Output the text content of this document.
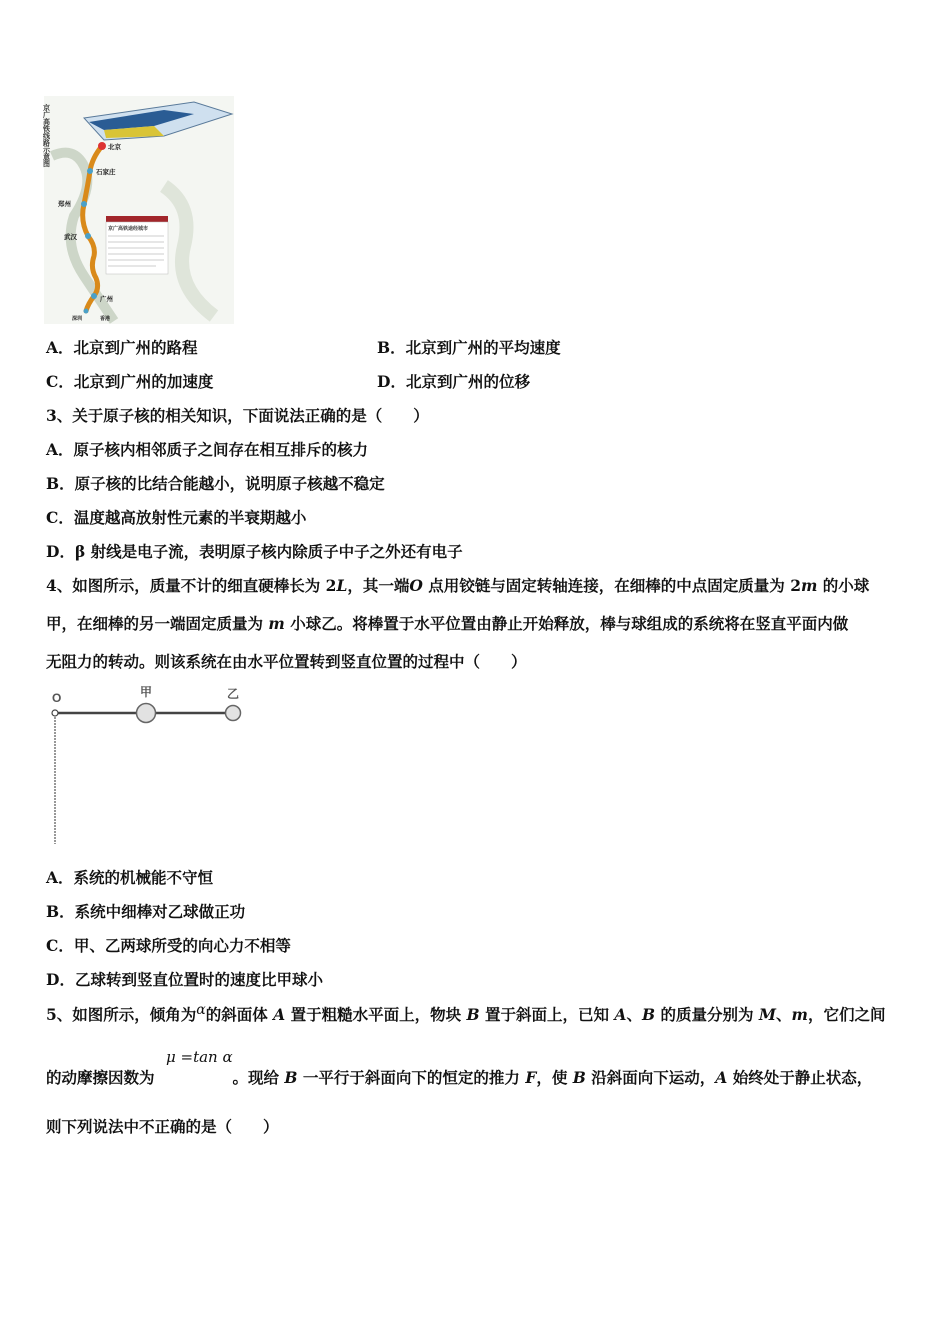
京广高铁线路示意图	北京
石家庄
郑州
武汉
广州
深圳	香港
京广高铁途经城市
A．北京到广州的路程	B．北京到广州的平均速度
C．北京到广州的加速度	D．北京到广州的位移
3、关于原子核的相关知识，下面说法正确的是（　　）
A．原子核内相邻质子之间存在相互排斥的核力
B．原子核的比结合能越小，说明原子核越不稳定
C．温度越高放射性元素的半衰期越小
D．β 射线是电子流，表明原子核内除质子中子之外还有电子
4、如图所示，质量不计的细直硬棒长为 2L，其一端O 点用铰链与固定转轴连接，在细棒的中点固定质量为 2m 的小球
甲，在细棒的另一端固定质量为 m 小球乙。将棒置于水平位置由静止开始释放，棒与球组成的系统将在竖直平面内做
无阻力的转动。则该系统在由水平位置转到竖直位置的过程中（　　）
O	甲	乙
A．系统的机械能不守恒
B．系统中细棒对乙球做正功
C．甲、乙两球所受的向心力不相等
D．乙球转到竖直位置时的速度比甲球小
5、如图所示，倾角为α的斜面体 A 置于粗糙水平面上，物块 B 置于斜面上，已知 A、B 的质量分别为 M、m，它们之间
μ =tan α
的动摩擦因数为	。现给 B 一平行于斜面向下的恒定的推力 F，使 B 沿斜面向下运动，A 始终处于静止状态，
则下列说法中不正确的是（　　）
